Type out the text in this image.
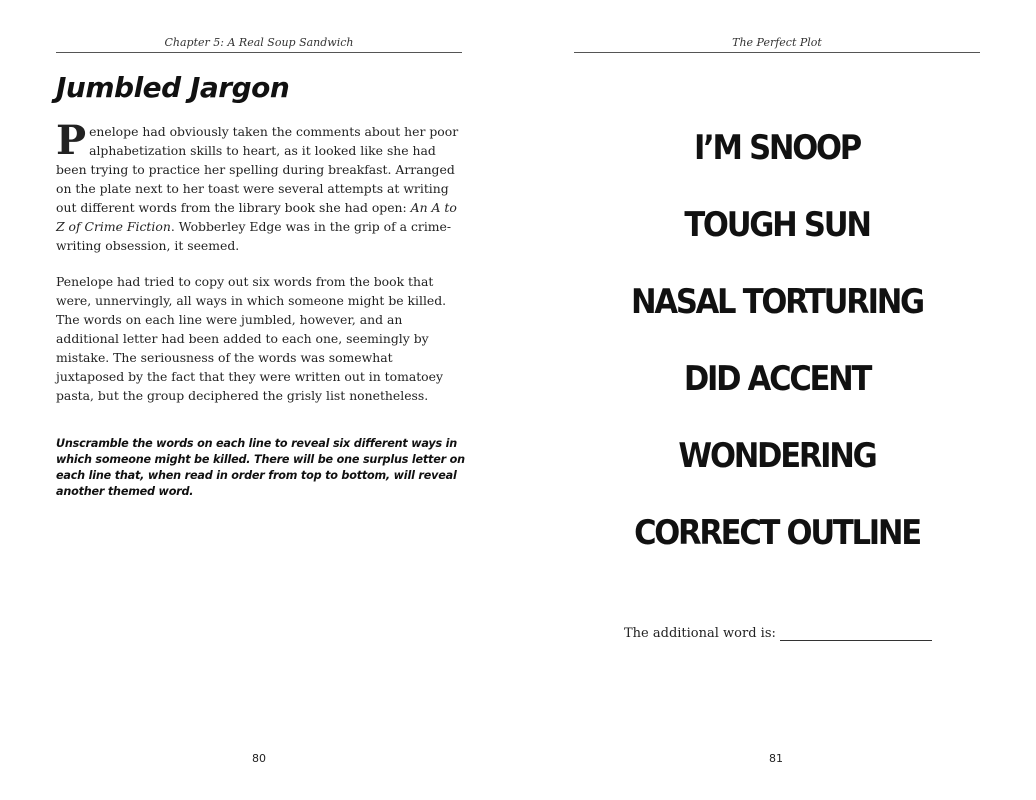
Chapter 5: A Real Soup Sandwich
Jumbled Jargon

Penelope had obviously taken the comments about her poor alphabetization skills to heart, as it looked like she had been trying to practice her spelling during breakfast. Arranged on the plate next to her toast were several attempts at writing out different words from the library book she had open: An A to Z of Crime Fiction. Wobberley Edge was in the grip of a crime-writing obsession, it seemed.

Penelope had tried to copy out six words from the book that were, unnervingly, all ways in which someone might be killed. The words on each line were jumbled, however, and an additional letter had been added to each one, seemingly by mistake. The seriousness of the words was somewhat juxtaposed by the fact that they were written out in tomatoey pasta, but the group deciphered the grisly list nonetheless.

Unscramble the words on each line to reveal six different ways in which someone might be killed. There will be one surplus letter on each line that, when read in order from top to bottom, will reveal another themed word.

80
The Perfect Plot
I’M SNOOP
TOUGH SUN
NASAL TORTURING
DID ACCENT
WONDERING
CORRECT OUTLINE
The additional word is:
81
